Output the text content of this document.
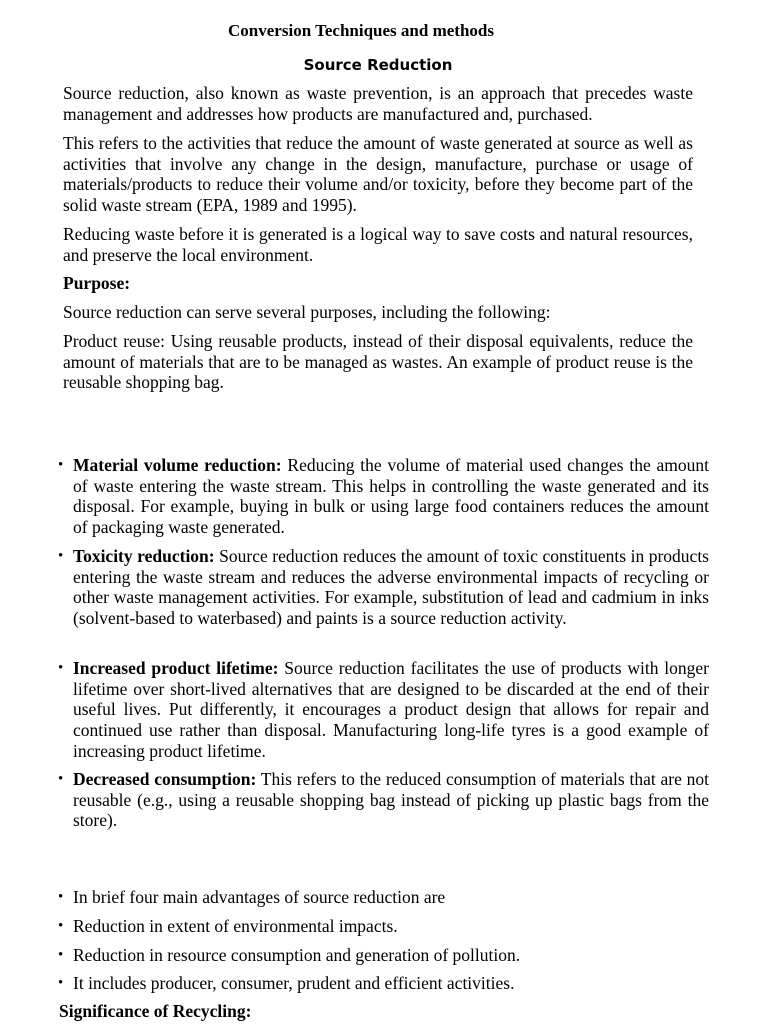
Conversion Techniques and methods
Source Reduction

Source reduction, also known as waste prevention, is an approach that precedes waste management and addresses how products are manufactured and, purchased.

This refers to the activities that reduce the amount of waste generated at source as well as activities that involve any change in the design, manufacture, purchase or usage of materials/products to reduce their volume and/or toxicity, before they become part of the solid waste stream (EPA, 1989 and 1995).

Reducing waste before it is generated is a logical way to save costs and natural resources, and preserve the local environment.

Purpose:

Source reduction can serve several purposes, including the following:

Product reuse: Using reusable products, instead of their disposal equivalents, reduce the amount of materials that are to be managed as wastes. An example of product reuse is the reusable shopping bag.

• Material volume reduction: Reducing the volume of material used changes the amount of waste entering the waste stream. This helps in controlling the waste generated and its disposal. For example, buying in bulk or using large food containers reduces the amount of packaging waste generated.
• Toxicity reduction: Source reduction reduces the amount of toxic constituents in products entering the waste stream and reduces the adverse environmental impacts of recycling or other waste management activities. For example, substitution of lead and cadmium in inks (solvent-based to waterbased) and paints is a source reduction activity.
• Increased product lifetime: Source reduction facilitates the use of products with longer lifetime over short-lived alternatives that are designed to be discarded at the end of their useful lives. Put differently, it encourages a product design that allows for repair and continued use rather than disposal. Manufacturing long-life tyres is a good example of increasing product lifetime.
• Decreased consumption: This refers to the reduced consumption of materials that are not reusable (e.g., using a reusable shopping bag instead of picking up plastic bags from the store).
• In brief four main advantages of source reduction are
• Reduction in extent of environmental impacts.
• Reduction in resource consumption and generation of pollution.
• It includes producer, consumer, prudent and efficient activities.

Significance of Recycling:
